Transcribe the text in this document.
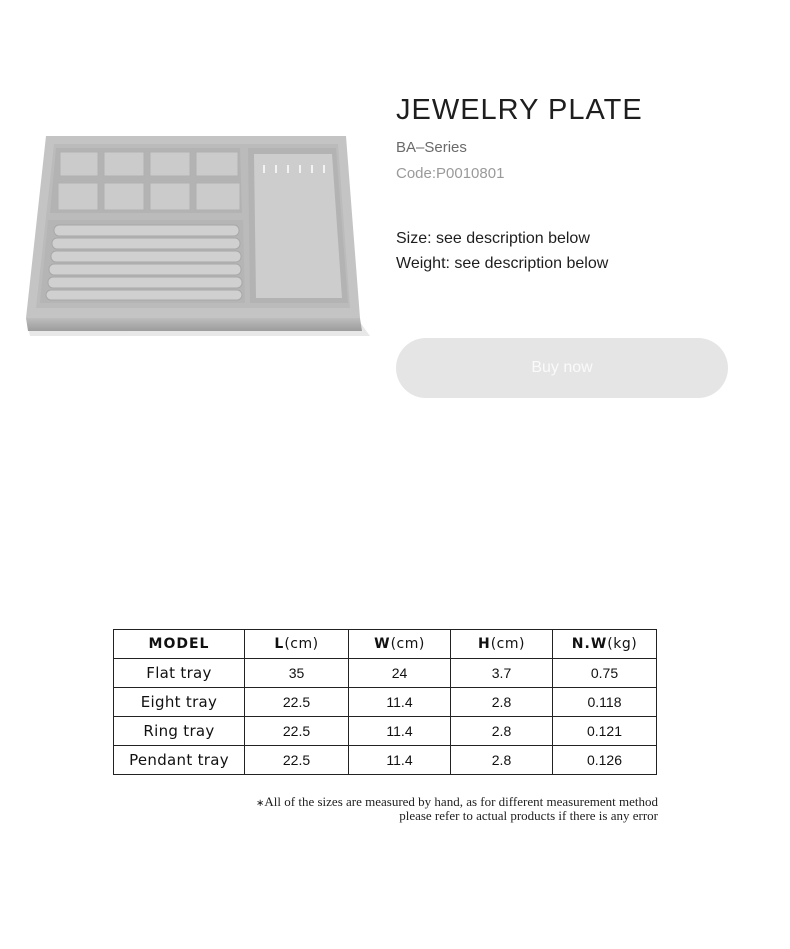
JEWELRY PLATE
BA–Series
Code:P0010801
Size: see description below
Weight: see description below
Buy now
MODEL	L(cm)	W(cm)	H(cm)	N.W(kg)
Flat tray	35	24	3.7	0.75
Eight tray	22.5	11.4	2.8	0.118
Ring tray	22.5	11.4	2.8	0.121
Pendant tray	22.5	11.4	2.8	0.126
∗All of the sizes are measured by hand, as for different measurement method
please refer to actual products if there is any error
